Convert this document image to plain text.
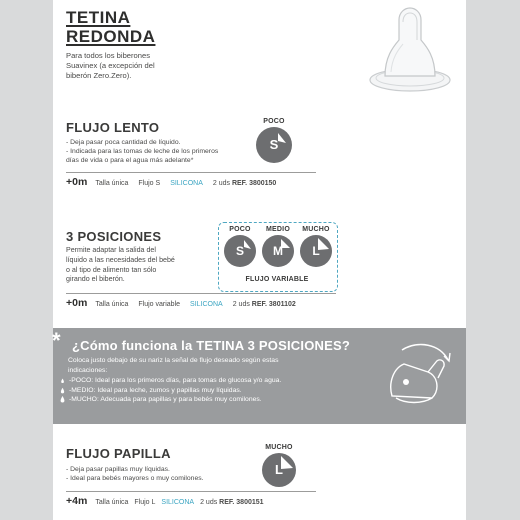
TETINA
REDONDA
Para todos los biberones
Suavinex (a excepción del
biberón Zero.Zero).
FLUJO LENTO
- Deja pasar poca cantidad de líquido.
- Indicada para las tomas de leche de los primeros
días de vida o para el agua más adelante*
POCO
S
+0m Talla única Flujo S SILICONA 2 uds
REF. 3800150
3 POSICIONES
Permite adaptar la salida del
líquido a las necesidades del bebé
o al tipo de alimento tan sólo
girando el biberón.
POCO
S
MEDIO
M
MUCHO
L
FLUJO VARIABLE
+0m Talla única Flujo variable SILICONA 2 uds
REF. 3801102
* ¿Cómo funciona la TETINA 3 POSICIONES?
Coloca justo debajo de su nariz la señal de flujo deseado según estas
indicaciones:
-POCO: Ideal para los primeros días, para tomas de glucosa y/o agua.
-MEDIO: Ideal para leche, zumos y papillas muy líquidas.
-MUCHO: Adecuada para papillas y para bebés muy comilones.
FLUJO PAPILLA
- Deja pasar papillas muy líquidas.
- Ideal para bebés mayores o muy comilones.
MUCHO
L
+4m Talla única Flujo L SILICONA 2 uds
REF. 3800151
